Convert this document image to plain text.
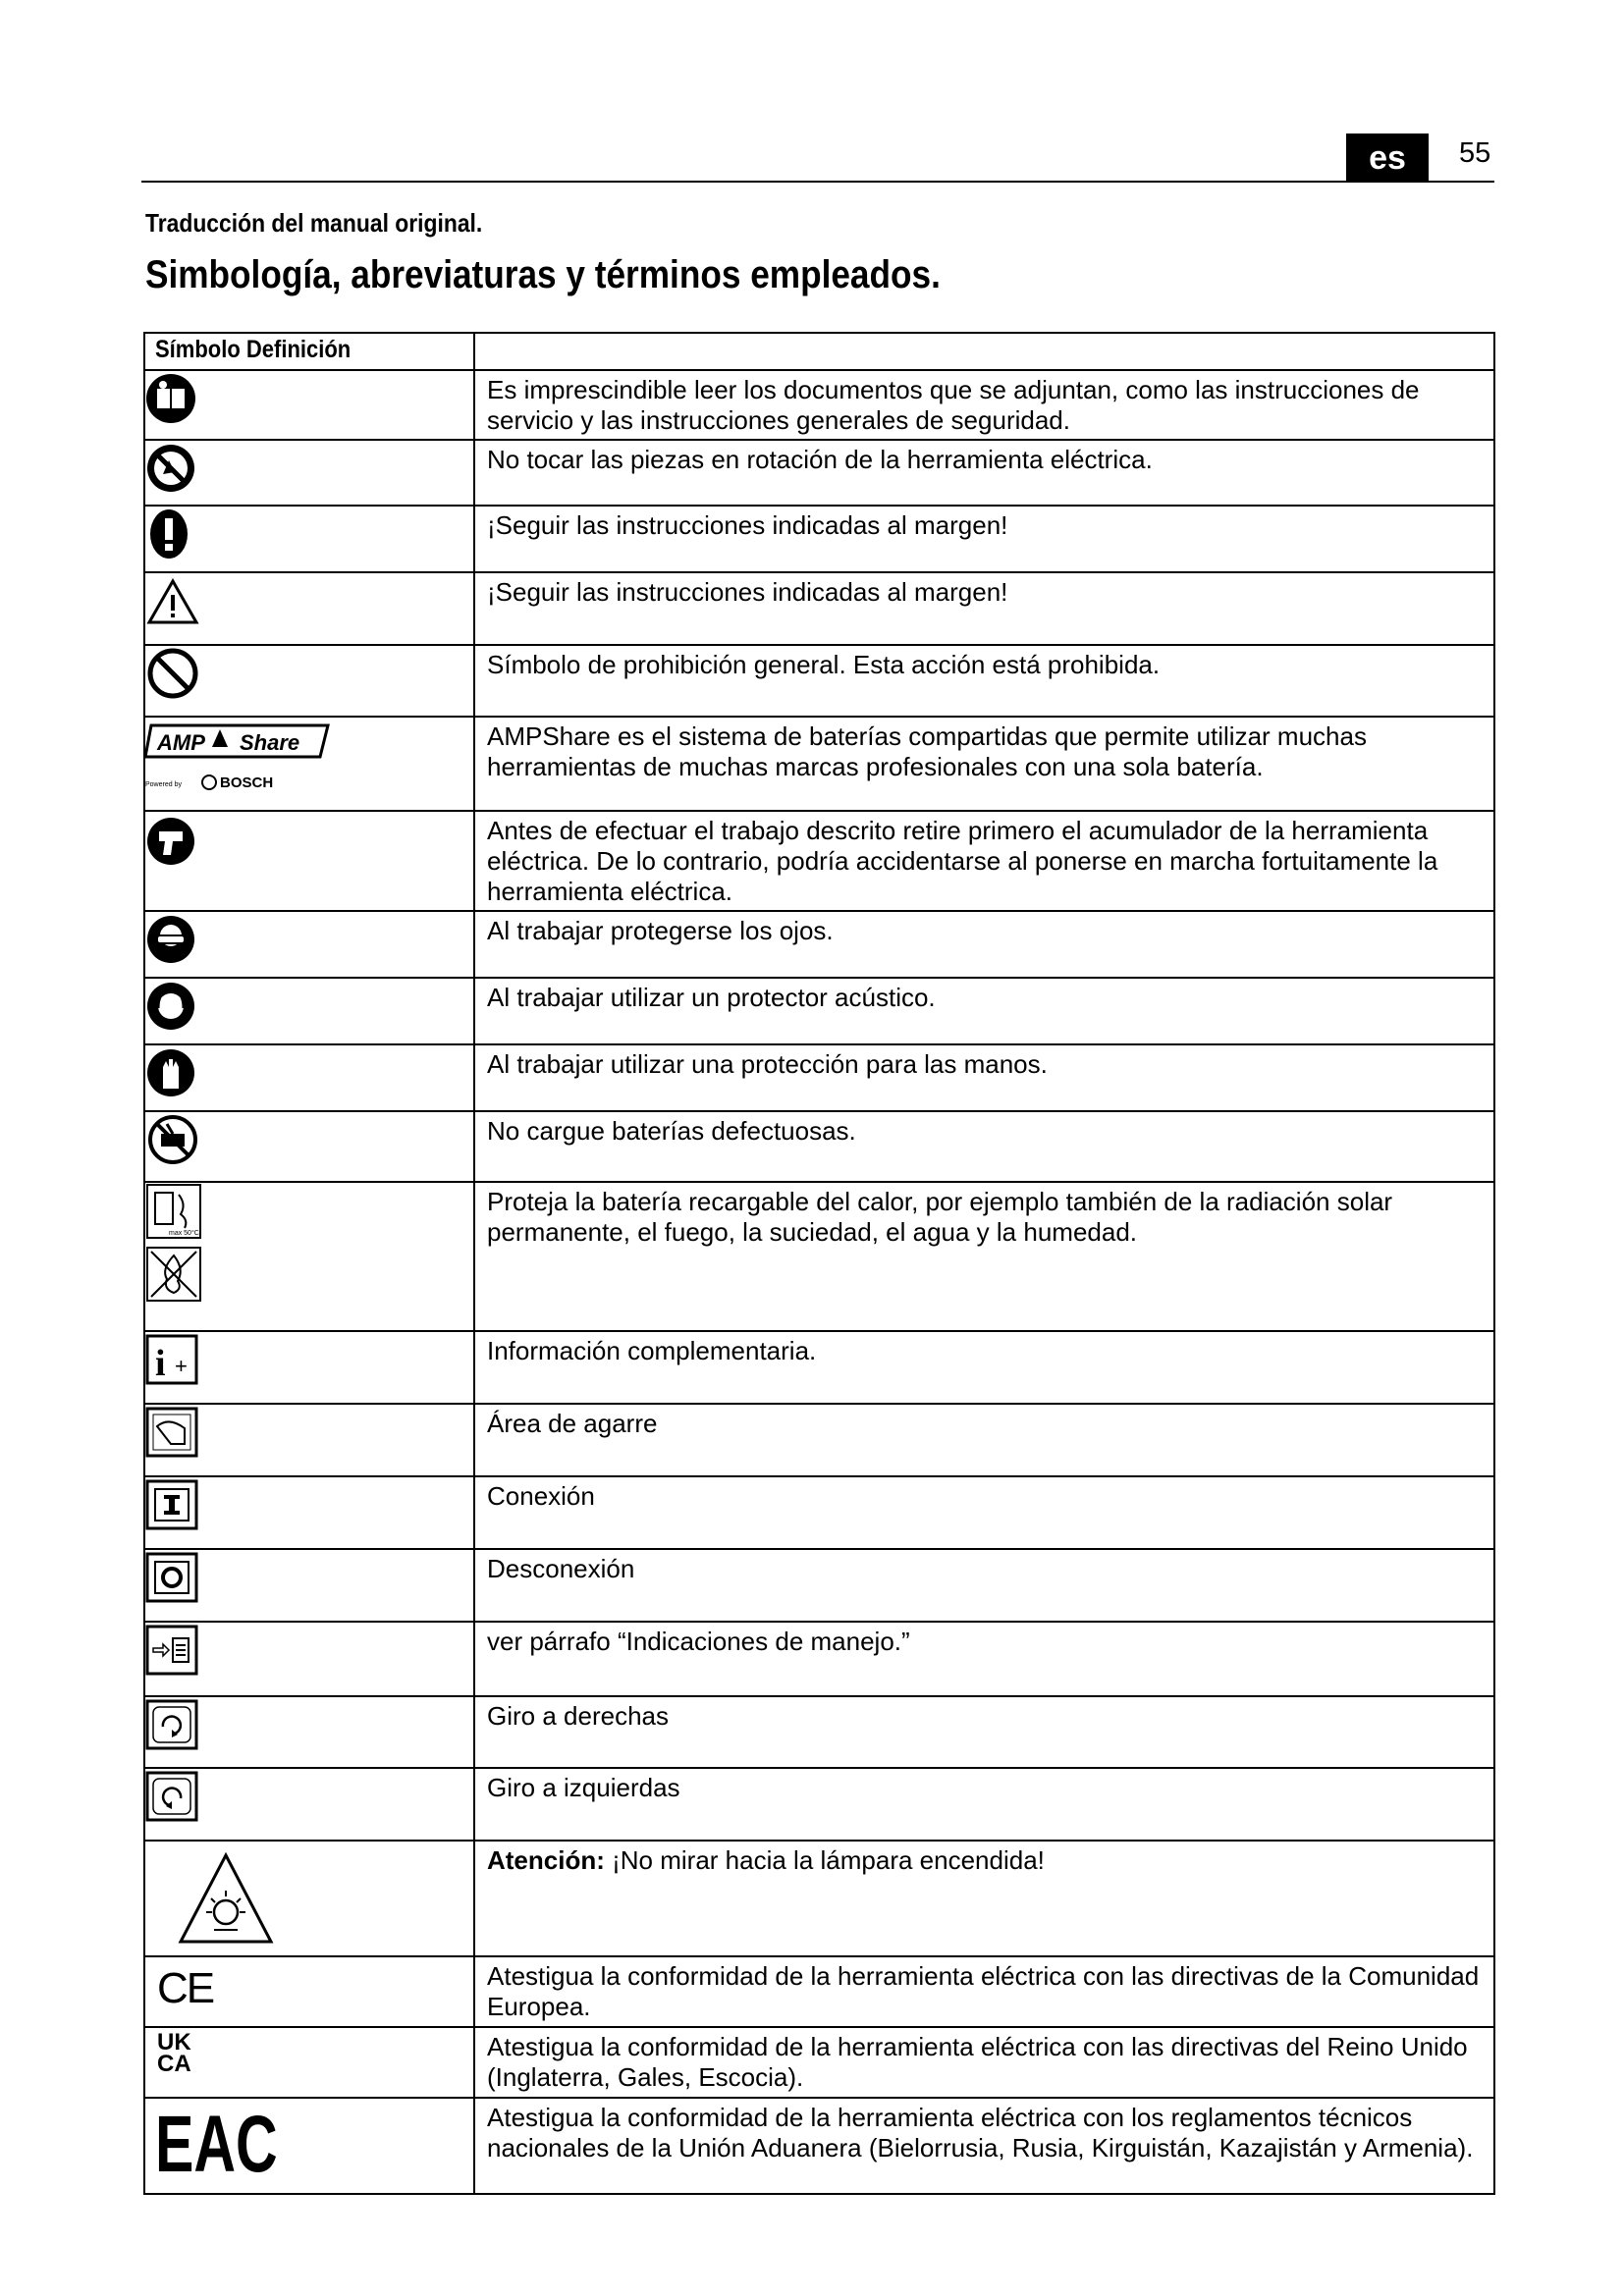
es	55
Traducción del manual original.
Simbología, abreviaturas y términos empleados.
Símbolo Definición	

	Es imprescindible leer los documentos que se adjuntan, como las instrucciones de servicio y las instrucciones generales de seguridad.

	No tocar las piezas en rotación de la herramienta eléctrica.

	¡Seguir las instrucciones indicadas al margen!

	¡Seguir las instrucciones indicadas al margen!

	Símbolo de prohibición general. Esta acción está prohibida.

AMP Share
Powered by BOSCH	AMPShare es el sistema de baterías compartidas que permite utilizar muchas herramientas de muchas marcas profesionales con una sola batería.

	Antes de efectuar el trabajo descrito retire primero el acumulador de la herramienta eléctrica. De lo contrario, podría accidentarse al ponerse en marcha fortuitamente la herramienta eléctrica.

	Al trabajar protegerse los ojos.

	Al trabajar utilizar un protector acústico.

	Al trabajar utilizar una protección para las manos.

	No cargue baterías defectuosas.

max 50°C	Proteja la batería recargable del calor, por ejemplo también de la radiación solar permanente, el fuego, la suciedad, el agua y la humedad.

i +	Información complementaria.

	Área de agarre

	Conexión

	Desconexión

	ver párrafo “Indicaciones de manejo.”

	Giro a derechas

	Giro a izquierdas

	Atención: ¡No mirar hacia la lámpara encendida!

CE	Atestigua la conformidad de la herramienta eléctrica con las directivas de la Comunidad Europea.

UK
CA	Atestigua la conformidad de la herramienta eléctrica con las directivas del Reino Unido (Inglaterra, Gales, Escocia).

EAC	Atestigua la conformidad de la herramienta eléctrica con los reglamentos técnicos nacionales de la Unión Aduanera (Bielorrusia, Rusia, Kirguistán, Kazajistán y Armenia).
